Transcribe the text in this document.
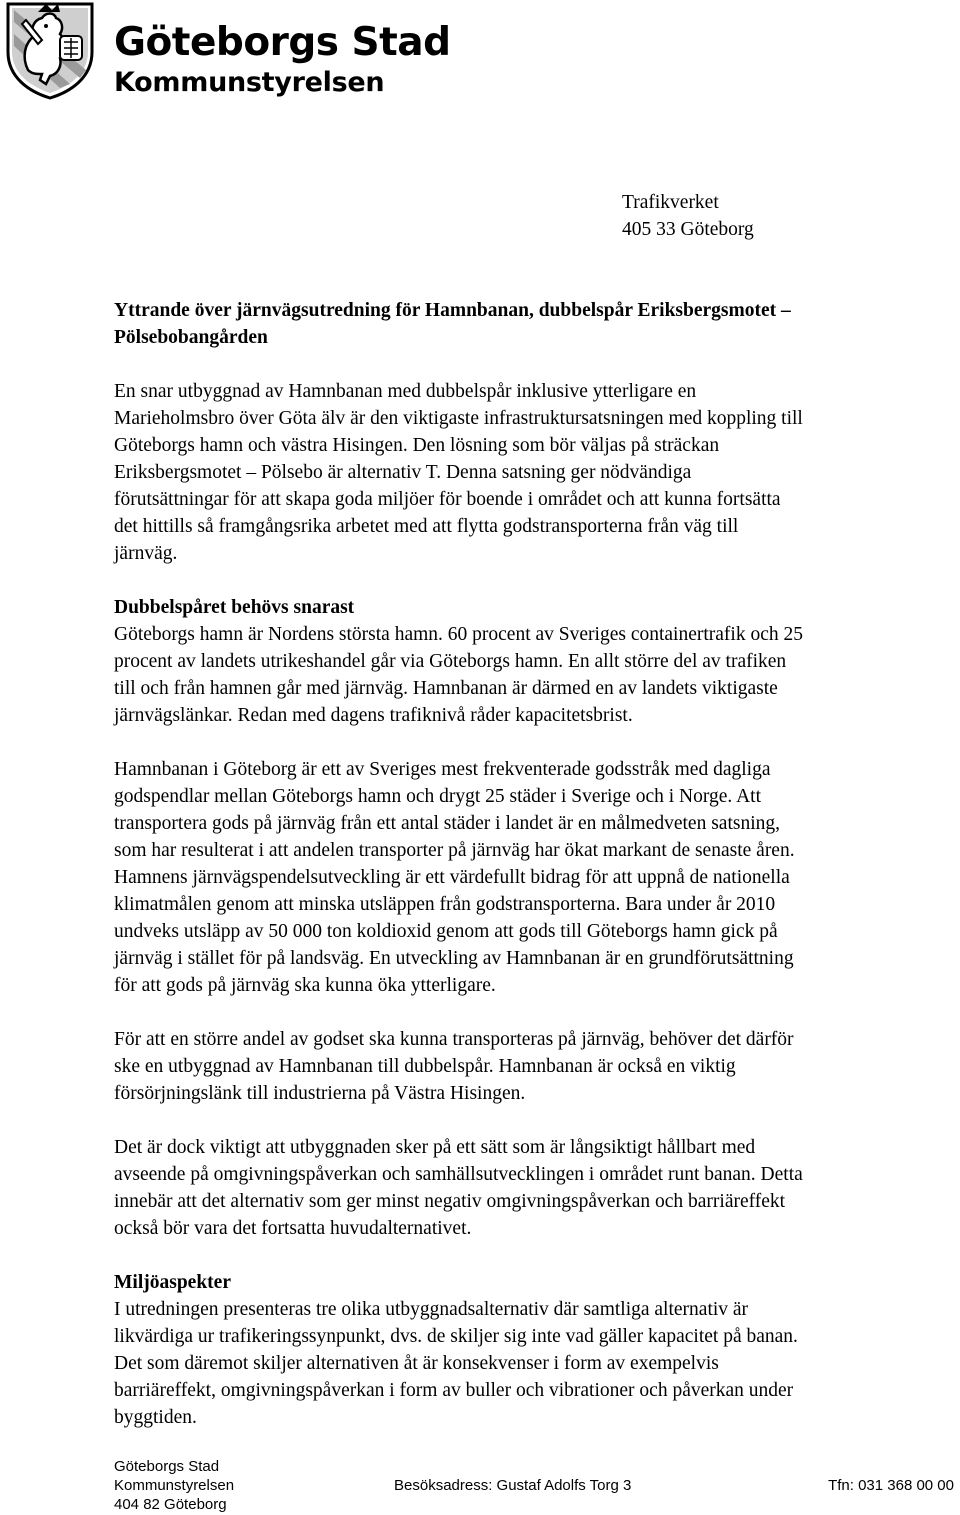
Göteborgs Stad
Kommunstyrelsen
Trafikverket
405 33 Göteborg

Yttrande över järnvägsutredning för Hamnbanan, dubbelspår Eriksbergsmotet –

Pölsebobangården

En snar utbyggnad av Hamnbanan med dubbelspår inklusive ytterligare en

Marieholmsbro över Göta älv är den viktigaste infrastruktursatsningen med koppling till

Göteborgs hamn och västra Hisingen. Den lösning som bör väljas på sträckan

Eriksbergsmotet – Pölsebo är alternativ T. Denna satsning ger nödvändiga

förutsättningar för att skapa goda miljöer för boende i området och att kunna fortsätta

det hittills så framgångsrika arbetet med att flytta godstransporterna från väg till

järnväg.

Dubbelspåret behövs snarast

Göteborgs hamn är Nordens största hamn. 60 procent av Sveriges containertrafik och 25

procent av landets utrikeshandel går via Göteborgs hamn. En allt större del av trafiken

till och från hamnen går med järnväg. Hamnbanan är därmed en av landets viktigaste

järnvägslänkar. Redan med dagens trafiknivå råder kapacitetsbrist.

Hamnbanan i Göteborg är ett av Sveriges mest frekventerade godsstråk med dagliga

godspendlar mellan Göteborgs hamn och drygt 25 städer i Sverige och i Norge. Att

transportera gods på järnväg från ett antal städer i landet är en målmedveten satsning,

som har resulterat i att andelen transporter på järnväg har ökat markant de senaste åren.

Hamnens järnvägspendelsutveckling är ett värdefullt bidrag för att uppnå de nationella

klimatmålen genom att minska utsläppen från godstransporterna. Bara under år 2010

undveks utsläpp av 50 000 ton koldioxid genom att gods till Göteborgs hamn gick på

järnväg i stället för på landsväg. En utveckling av Hamnbanan är en grundförutsättning

för att gods på järnväg ska kunna öka ytterligare.

För att en större andel av godset ska kunna transporteras på järnväg, behöver det därför

ske en utbyggnad av Hamnbanan till dubbelspår. Hamnbanan är också en viktig

försörjningslänk till industrierna på Västra Hisingen.

Det är dock viktigt att utbyggnaden sker på ett sätt som är långsiktigt hållbart med

avseende på omgivningspåverkan och samhällsutvecklingen i området runt banan. Detta

innebär att det alternativ som ger minst negativ omgivningspåverkan och barriäreffekt

också bör vara det fortsatta huvudalternativet.

Miljöaspekter

I utredningen presenteras tre olika utbyggnadsalternativ där samtliga alternativ är

likvärdiga ur trafikeringssynpunkt, dvs. de skiljer sig inte vad gäller kapacitet på banan.

Det som däremot skiljer alternativen åt är konsekvenser i form av exempelvis

barriäreffekt, omgivningspåverkan i form av buller och vibrationer och påverkan under

byggtiden.

Göteborgs Stad
Kommunstyrelsen
404 82 Göteborg
Besöksadress: Gustaf Adolfs Torg 3	Tfn: 031 368 00 00
